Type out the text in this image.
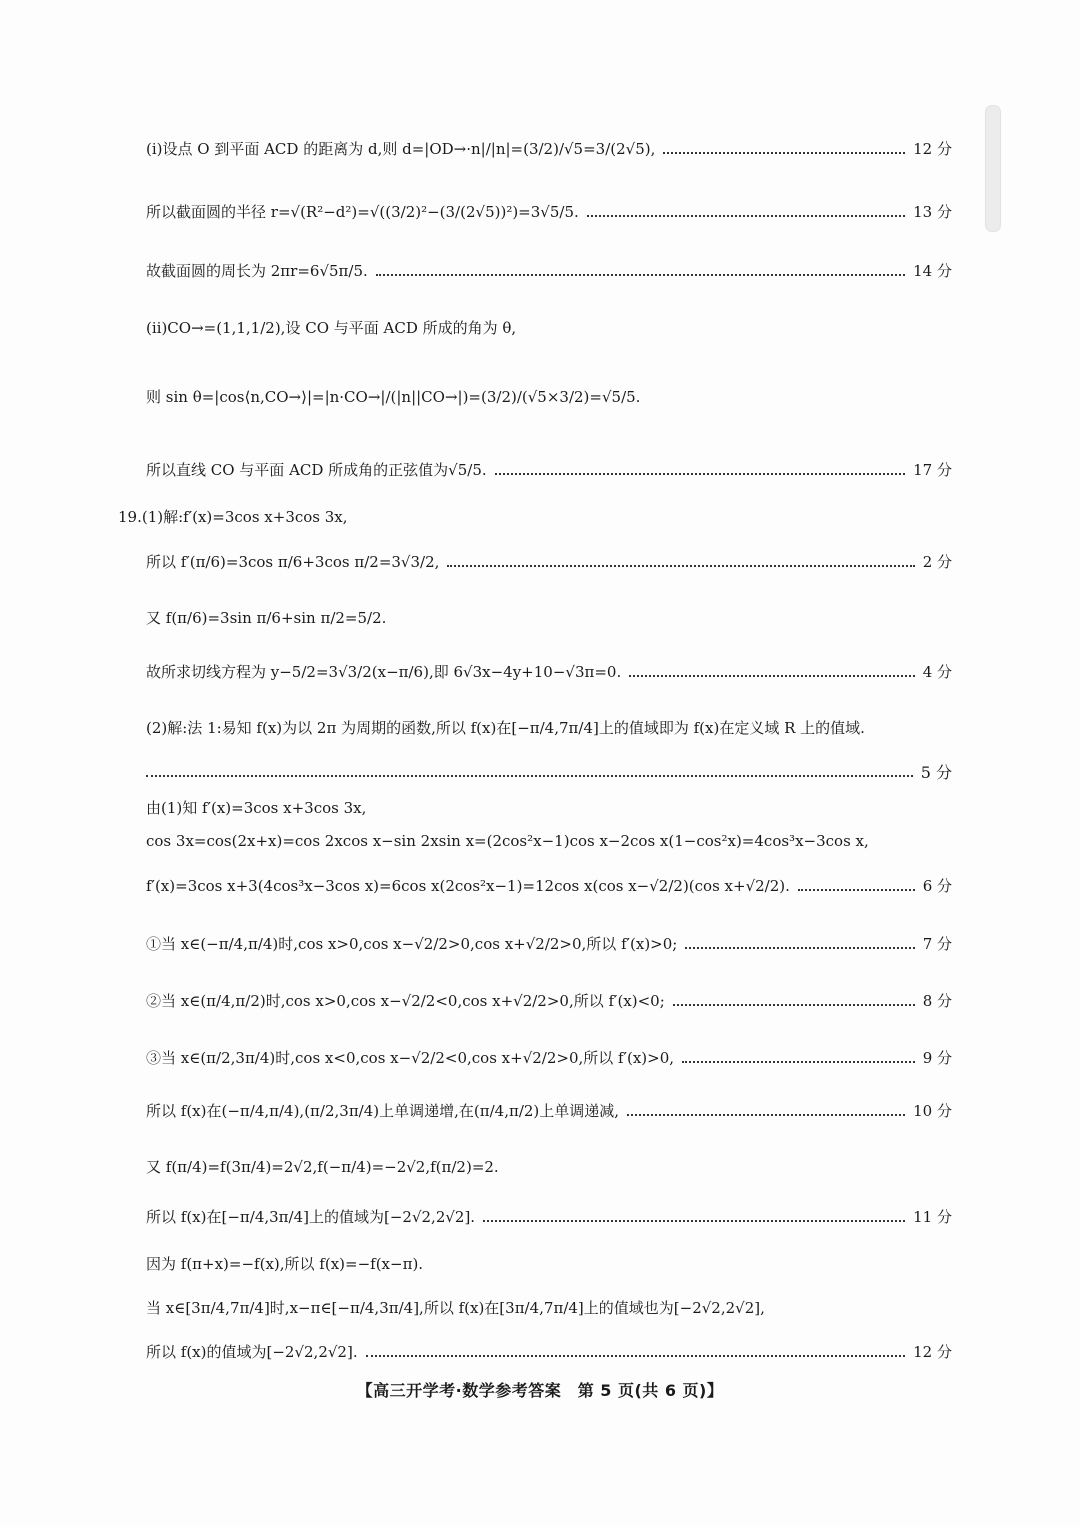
(ⅰ)设点 O 到平面 ACD 的距离为 d,则 d=|OD→·n|/|n|=(3/2)/√5=3/(2√5),	12 分
所以截面圆的半径 r=√(R²−d²)=√((3/2)²−(3/(2√5))²)=3√5/5.	13 分
故截面圆的周长为 2πr=6√5π/5.	14 分
(ⅱ)CO→=(1,1,1/2),设 CO 与平面 ACD 所成的角为 θ,
则 sin θ=|cos⟨n,CO→⟩|=|n·CO→|/(|n||CO→|)=(3/2)/(√5×3/2)=√5/5.
所以直线 CO 与平面 ACD 所成角的正弦值为√5/5.	17 分
19.(1)解:f′(x)=3cos x+3cos 3x,
所以 f′(π/6)=3cos π/6+3cos π/2=3√3/2,	2 分
又 f(π/6)=3sin π/6+sin π/2=5/2.
故所求切线方程为 y−5/2=3√3/2(x−π/6),即 6√3x−4y+10−√3π=0.	4 分
(2)解:法 1:易知 f(x)为以 2π 为周期的函数,所以 f(x)在[−π/4,7π/4]上的值域即为 f(x)在定义域 R 上的值域.
5 分
由(1)知 f′(x)=3cos x+3cos 3x,
cos 3x=cos(2x+x)=cos 2xcos x−sin 2xsin x=(2cos²x−1)cos x−2cos x(1−cos²x)=4cos³x−3cos x,
f′(x)=3cos x+3(4cos³x−3cos x)=6cos x(2cos²x−1)=12cos x(cos x−√2/2)(cos x+√2/2).	6 分
①当 x∈(−π/4,π/4)时,cos x>0,cos x−√2/2>0,cos x+√2/2>0,所以 f′(x)>0;	7 分
②当 x∈(π/4,π/2)时,cos x>0,cos x−√2/2<0,cos x+√2/2>0,所以 f′(x)<0;	8 分
③当 x∈(π/2,3π/4)时,cos x<0,cos x−√2/2<0,cos x+√2/2>0,所以 f′(x)>0,	9 分
所以 f(x)在(−π/4,π/4),(π/2,3π/4)上单调递增,在(π/4,π/2)上单调递减,	10 分
又 f(π/4)=f(3π/4)=2√2,f(−π/4)=−2√2,f(π/2)=2.
所以 f(x)在[−π/4,3π/4]上的值域为[−2√2,2√2].	11 分
因为 f(π+x)=−f(x),所以 f(x)=−f(x−π).
当 x∈[3π/4,7π/4]时,x−π∈[−π/4,3π/4],所以 f(x)在[3π/4,7π/4]上的值域也为[−2√2,2√2],
所以 f(x)的值域为[−2√2,2√2].	12 分
【高三开学考·数学参考答案　第 5 页(共 6 页)】
